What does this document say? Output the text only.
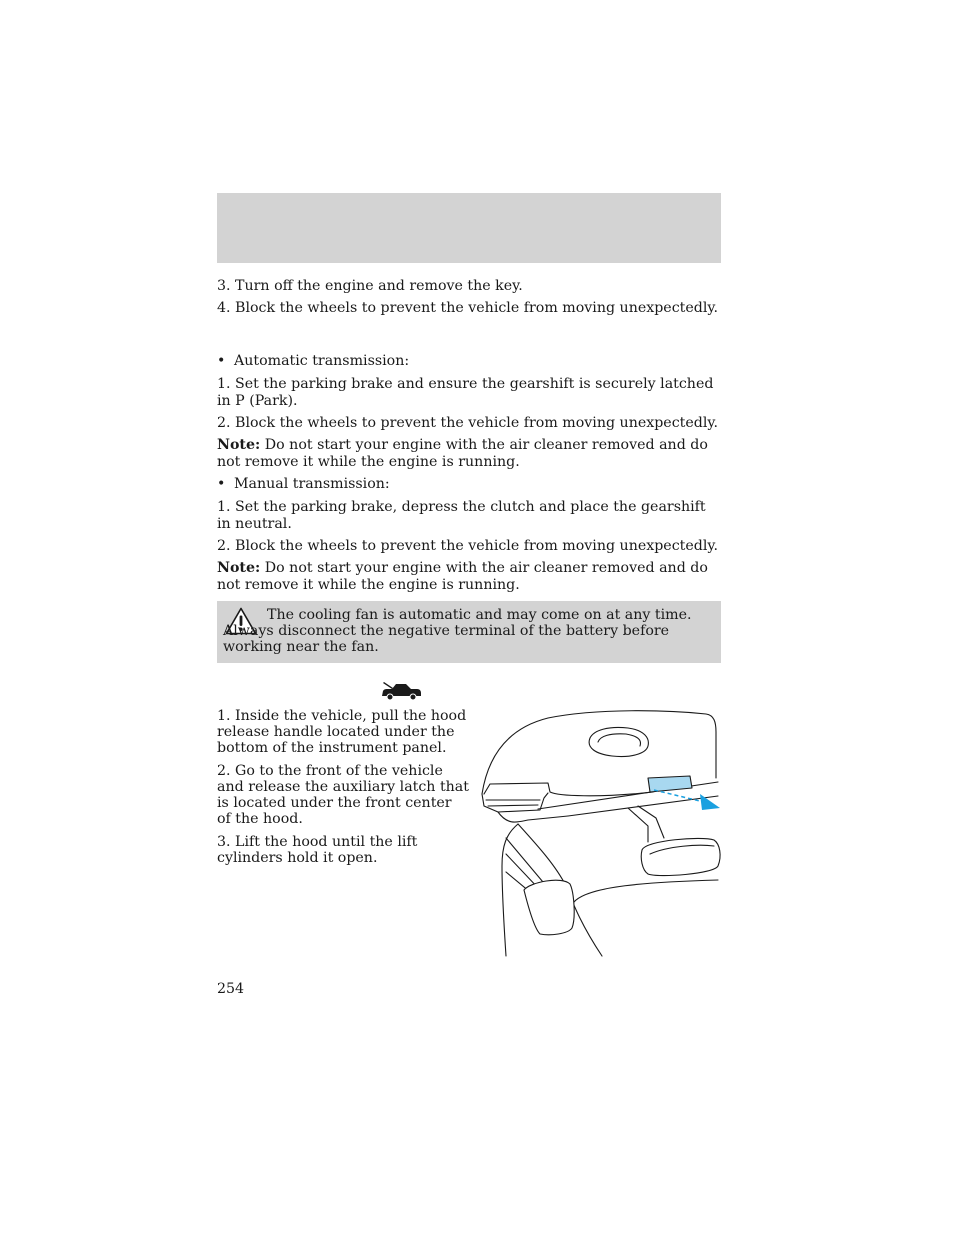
3. Turn off the engine and remove the key.

4. Block the wheels to prevent the vehicle from moving unexpectedly.

• Automatic transmission:

1. Set the parking brake and ensure the gearshift is securely latched in P (Park).

2. Block the wheels to prevent the vehicle from moving unexpectedly.

Note: Do not start your engine with the air cleaner removed and do not remove it while the engine is running.

• Manual transmission:

1. Set the parking brake, depress the clutch and place the gearshift in neutral.

2. Block the wheels to prevent the vehicle from moving unexpectedly.

Note: Do not start your engine with the air cleaner removed and do not remove it while the engine is running.

The cooling fan is automatic and may come on at any time. Always disconnect the negative terminal of the battery before working near the fan.

1. Inside the vehicle, pull the hood release handle located under the bottom of the instrument panel.

2. Go to the front of the vehicle and release the auxiliary latch that is located under the front center of the hood.

3. Lift the hood until the lift cylinders hold it open.

254
